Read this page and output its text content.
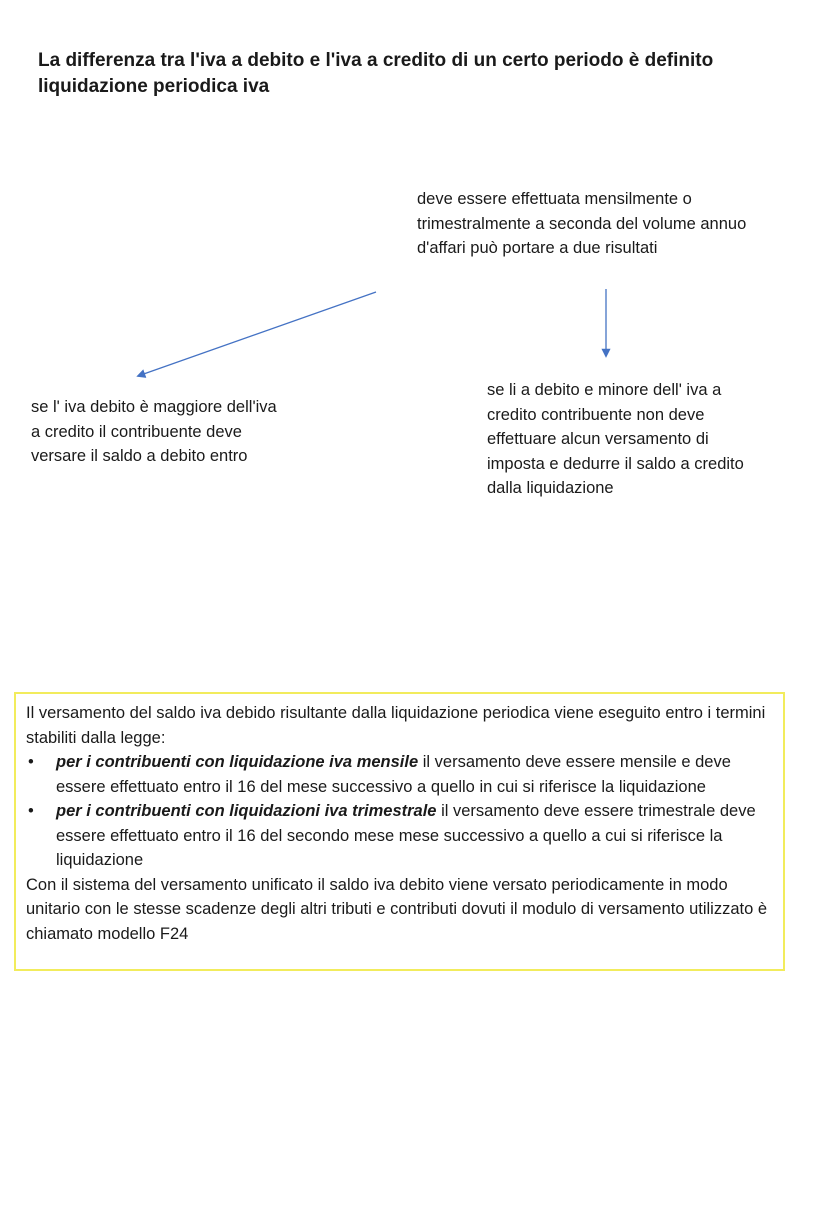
La differenza tra l'iva a debito e l'iva a credito di un certo periodo è definito liquidazione periodica iva

deve essere effettuata mensilmente o trimestralmente a seconda del volume annuo d'affari può portare a due risultati

se l' iva debito è maggiore dell'iva a credito il contribuente deve versare il saldo a debito entro

se li a debito e minore dell' iva a credito contribuente non deve effettuare alcun versamento di imposta e dedurre il saldo a credito dalla liquidazione

Il versamento del saldo iva debido risultante dalla liquidazione periodica viene eseguito entro i termini stabiliti dalla legge:

• per i contribuenti con liquidazione iva mensile il versamento deve essere mensile e deve essere effettuato entro il 16 del mese successivo a quello in cui si riferisce la liquidazione
• per i contribuenti con liquidazioni iva trimestrale il versamento deve essere trimestrale deve essere effettuato entro il 16 del secondo mese mese successivo a quello a cui si riferisce la liquidazione

Con il sistema del versamento unificato il saldo iva debito viene versato periodicamente in modo unitario con le stesse scadenze degli altri tributi e contributi dovuti il modulo di versamento utilizzato è chiamato modello F24
